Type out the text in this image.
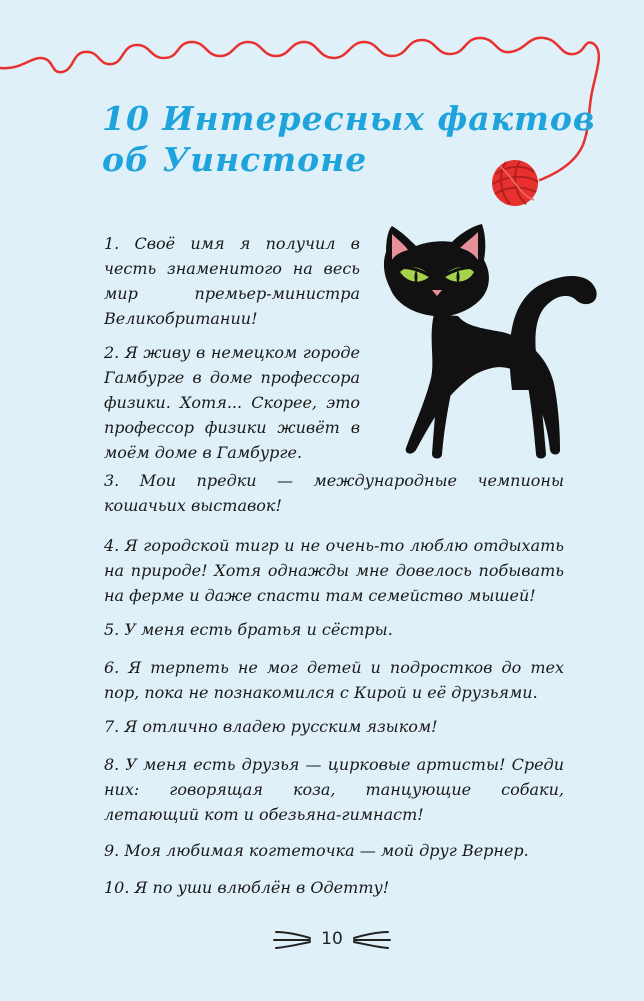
10 Интересных фактов
об Уинстоне

1. Своё имя я получил в честь знаменитого на весь мир премьер-министра Великобритании!

2. Я живу в немецком городе Гамбурге в доме профессора физики. Хотя... Скорее, это профессор физики живёт в моём доме в Гамбурге.

3. Мои предки — международные чемпионы кошачьих выставок!

4. Я городской тигр и не очень-то люблю отдыхать на природе! Хотя однажды мне довелось побывать на ферме и даже спасти там семейство мышей!

5. У меня есть братья и сёстры.

6. Я терпеть не мог детей и подростков до тех пор, пока не познакомился с Кирой и её друзьями.

7. Я отлично владею русским языком!

8. У меня есть друзья — цирковые артисты! Среди них: говорящая коза, танцующие собаки, летающий кот и обезьяна-гимнаст!

9. Моя любимая когтеточка — мой друг Вернер.

10. Я по уши влюблён в Одетту!

10
